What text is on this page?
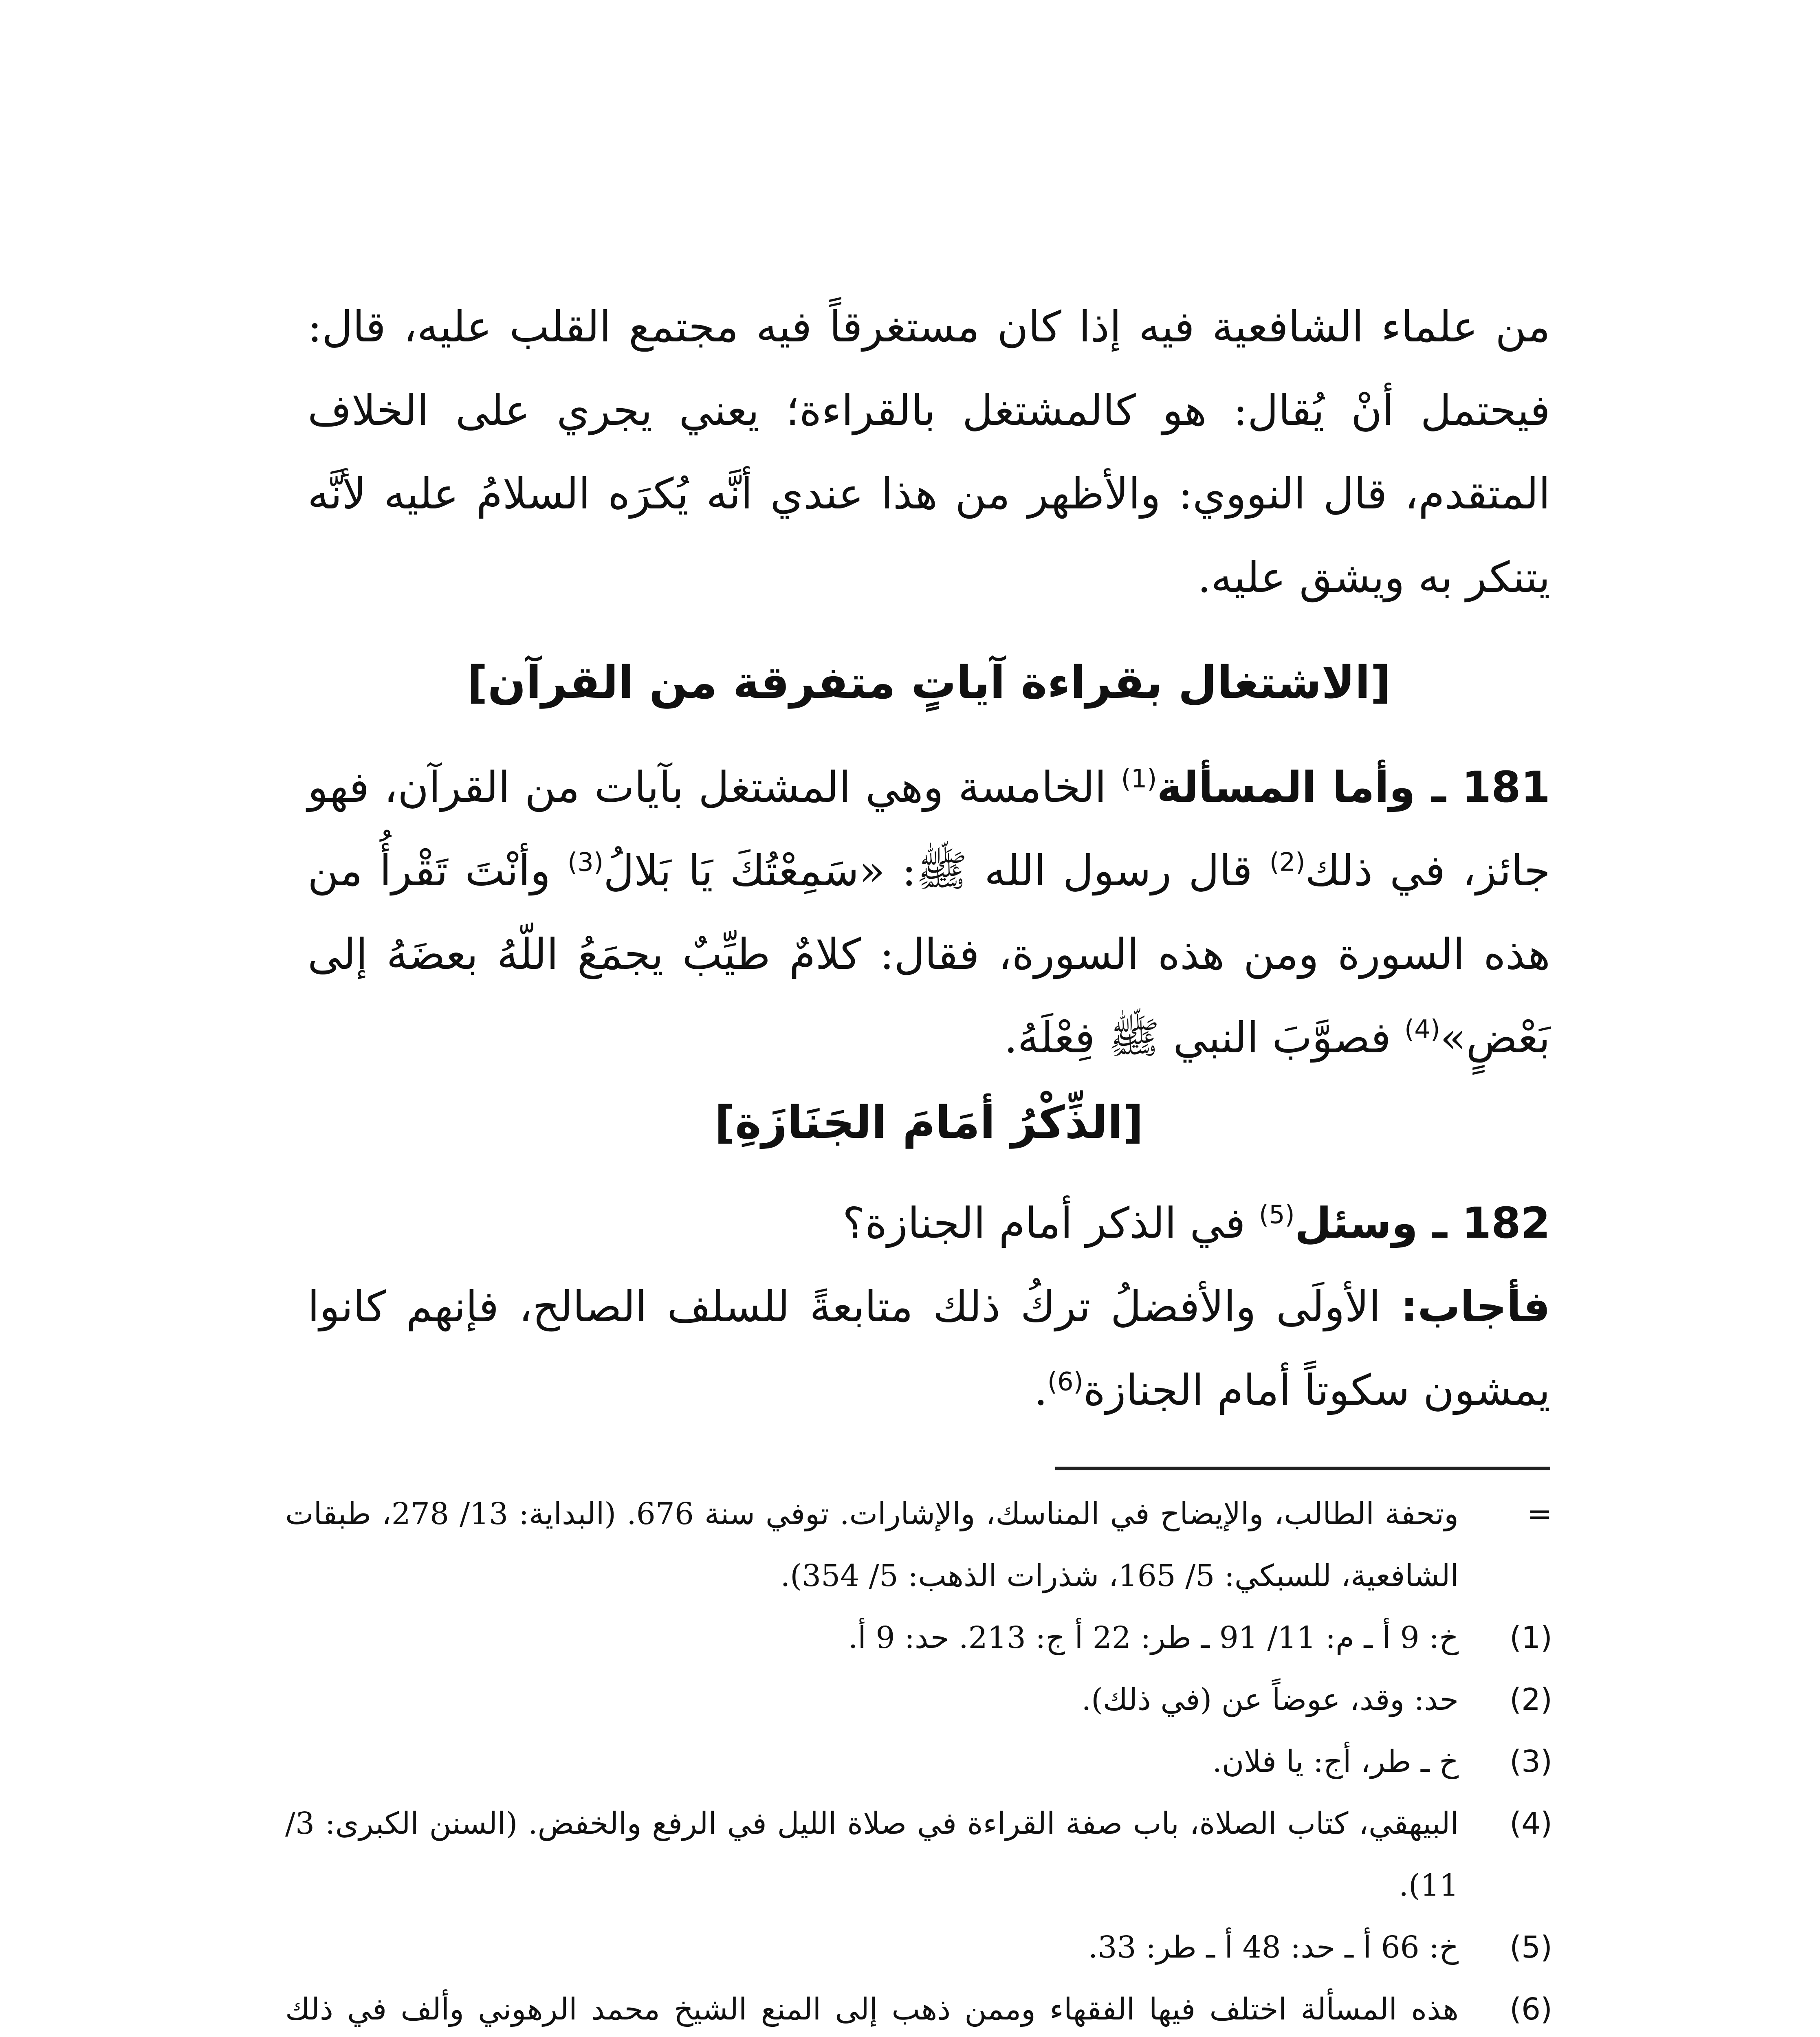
من علماء الشافعية فيه إذا كان مستغرقاً فيه مجتمع القلب عليه، قال: فيحتمل أنْ يُقال: هو كالمشتغل بالقراءة؛ يعني يجري على الخلاف المتقدم، قال النووي: والأظهر من هذا عندي أنَّه يُكرَه السلامُ عليه لأنَّه يتنكر به ويشق عليه.

[الاشتغال بقراءة آياتٍ متفرقة من القرآن]

181 ـ وأما المسألة$^{(1)}$ الخامسة وهي المشتغل بآيات من القرآن، فهو جائز، في ذلك$^{(2)}$ قال رسول الله ﷺ: «سَمِعْتُكَ يَا بَلالُ$^{(3)}$ وأنْتَ تَقْرأُ من هذه السورة ومن هذه السورة، فقال: كلامٌ طيِّبٌ يجمَعُ اللّهُ بعضَهُ إلى بَعْضٍ»$^{(4)}$ فصوَّبَ النبي ﷺ فِعْلَهُ.

[الذِّكْرُ أمَامَ الجَنَازَةِ]

182 ـ وسئل$^{(5)}$ في الذكر أمام الجنازة؟

فأجاب: الأولَى والأفضلُ تركُ ذلك متابعةً للسلف الصالح، فإنهم كانوا يمشون سكوتاً أمام الجنازة$^{(6)}$.

=
وتحفة الطالب، والإيضاح في المناسك، والإشارات. توفي سنة 676. (البداية: 13/ 278، طبقات الشافعية، للسبكي: 5/ 165، شذرات الذهب: 5/ 354).
(1)
خ: 9 أ ـ م: 11/ 91 ـ طر: 22 أ ج: 213. حد: 9 أ.
(2)
حد: وقد، عوضاً عن (في ذلك).
(3)
خ ـ طر، أج: يا فلان.
(4)
البيهقي، كتاب الصلاة، باب صفة القراءة في صلاة الليل في الرفع والخفض. (السنن الكبرى: 3/ 11).
(5)
خ: 66 أ ـ حد: 48 أ ـ طر: 33.
(6)
هذه المسألة اختلف فيها الفقهاء وممن ذهب إلى المنع الشيخ محمد الرهوني وألف في ذلك
